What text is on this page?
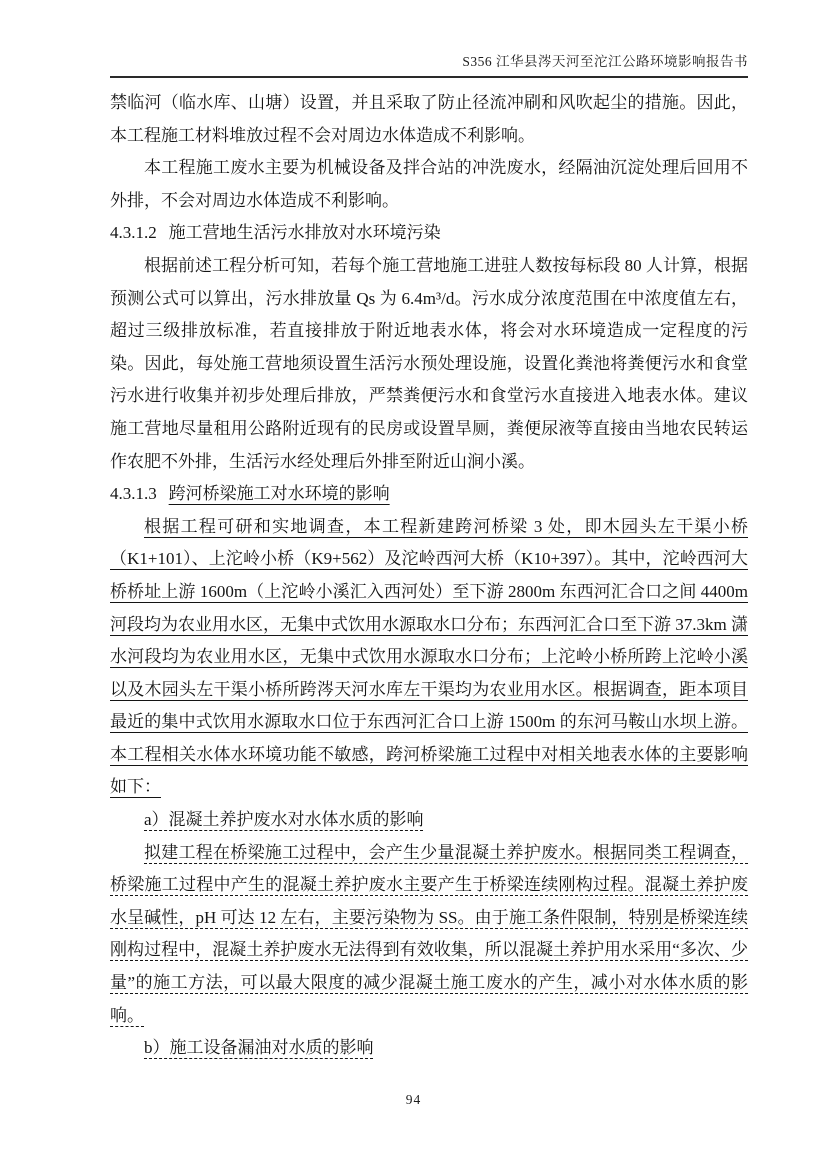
S356 江华县涔天河至沱江公路环境影响报告书

禁临河（临水库、山塘）设置，并且采取了防止径流冲刷和风吹起尘的措施。因此，本工程施工材料堆放过程不会对周边水体造成不利影响。

本工程施工废水主要为机械设备及拌合站的冲洗废水，经隔油沉淀处理后回用不外排，不会对周边水体造成不利影响。

4.3.1.2 施工营地生活污水排放对水环境污染

根据前述工程分析可知，若每个施工营地施工进驻人数按每标段 80 人计算，根据预测公式可以算出，污水排放量 Qs 为 6.4m³/d。污水成分浓度范围在中浓度值左右，超过三级排放标准，若直接排放于附近地表水体，将会对水环境造成一定程度的污染。因此，每处施工营地须设置生活污水预处理设施，设置化粪池将粪便污水和食堂污水进行收集并初步处理后排放，严禁粪便污水和食堂污水直接进入地表水体。建议施工营地尽量租用公路附近现有的民房或设置旱厕，粪便尿液等直接由当地农民转运作农肥不外排，生活污水经处理后外排至附近山涧小溪。

4.3.1.3 跨河桥梁施工对水环境的影响

根据工程可研和实地调查，本工程新建跨河桥梁 3 处，即木园头左干渠小桥（K1+101）、上沱岭小桥（K9+562）及沱岭西河大桥（K10+397）。其中，沱岭西河大桥桥址上游 1600m（上沱岭小溪汇入西河处）至下游 2800m 东西河汇合口之间 4400m 河段均为农业用水区，无集中式饮用水源取水口分布；东西河汇合口至下游 37.3km 潇水河段均为农业用水区，无集中式饮用水源取水口分布；上沱岭小桥所跨上沱岭小溪以及木园头左干渠小桥所跨涔天河水库左干渠均为农业用水区。根据调查，距本项目最近的集中式饮用水源取水口位于东西河汇合口上游 1500m 的东河马鞍山水坝上游。本工程相关水体水环境功能不敏感，跨河桥梁施工过程中对相关地表水体的主要影响如下：

a）混凝土养护废水对水体水质的影响

拟建工程在桥梁施工过程中，会产生少量混凝土养护废水。根据同类工程调查，桥梁施工过程中产生的混凝土养护废水主要产生于桥梁连续刚构过程。混凝土养护废水呈碱性，pH 可达 12 左右，主要污染物为 SS。由于施工条件限制，特别是桥梁连续刚构过程中，混凝土养护废水无法得到有效收集，所以混凝土养护用水采用“多次、少量”的施工方法，可以最大限度的减少混凝土施工废水的产生，减小对水体水质的影响。

b）施工设备漏油对水质的影响

94
